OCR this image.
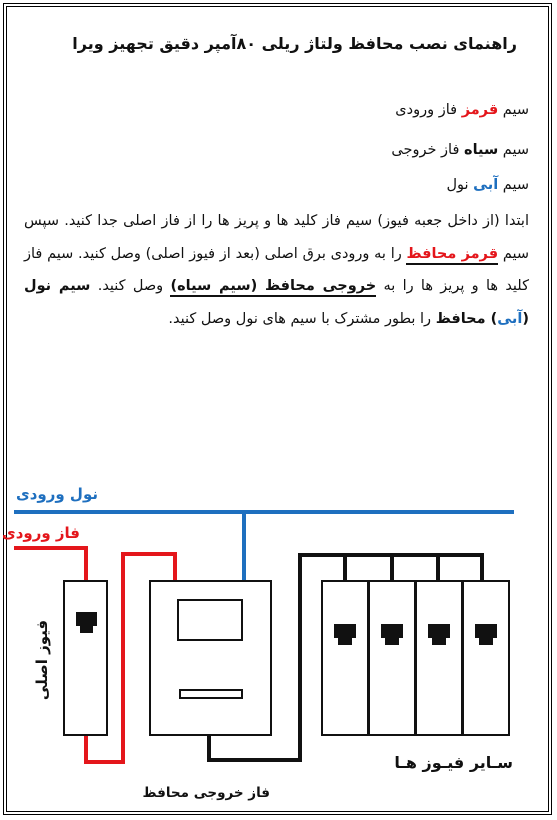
راهنمای نصب محافظ ولتاژ ریلی ۸۰آمپر دقیق تجهیز ویرا
سیم قرمز فاز ورودی
سیم سیاه فاز خروجی
سیم آبی نول
ابتدا (از داخل جعبه فیوز) سیم فاز کلید ها و پریز ها را از فاز اصلی جدا کنید. سپس سیم قرمز محافظ را به ورودی برق اصلی (بعد از فیوز اصلی) وصل کنید. سیم فاز کلید ها و پریز ها را به خروجی محافظ (سیم سیاه) وصل کنید. سیم نول (آبی) محافظ را بطور مشترک با سیم های نول وصل کنید.
نول ورودی
فاز ورودی
فیوز اصلی
سـایر فیـوز هـا
فاز خروجی محافظ
